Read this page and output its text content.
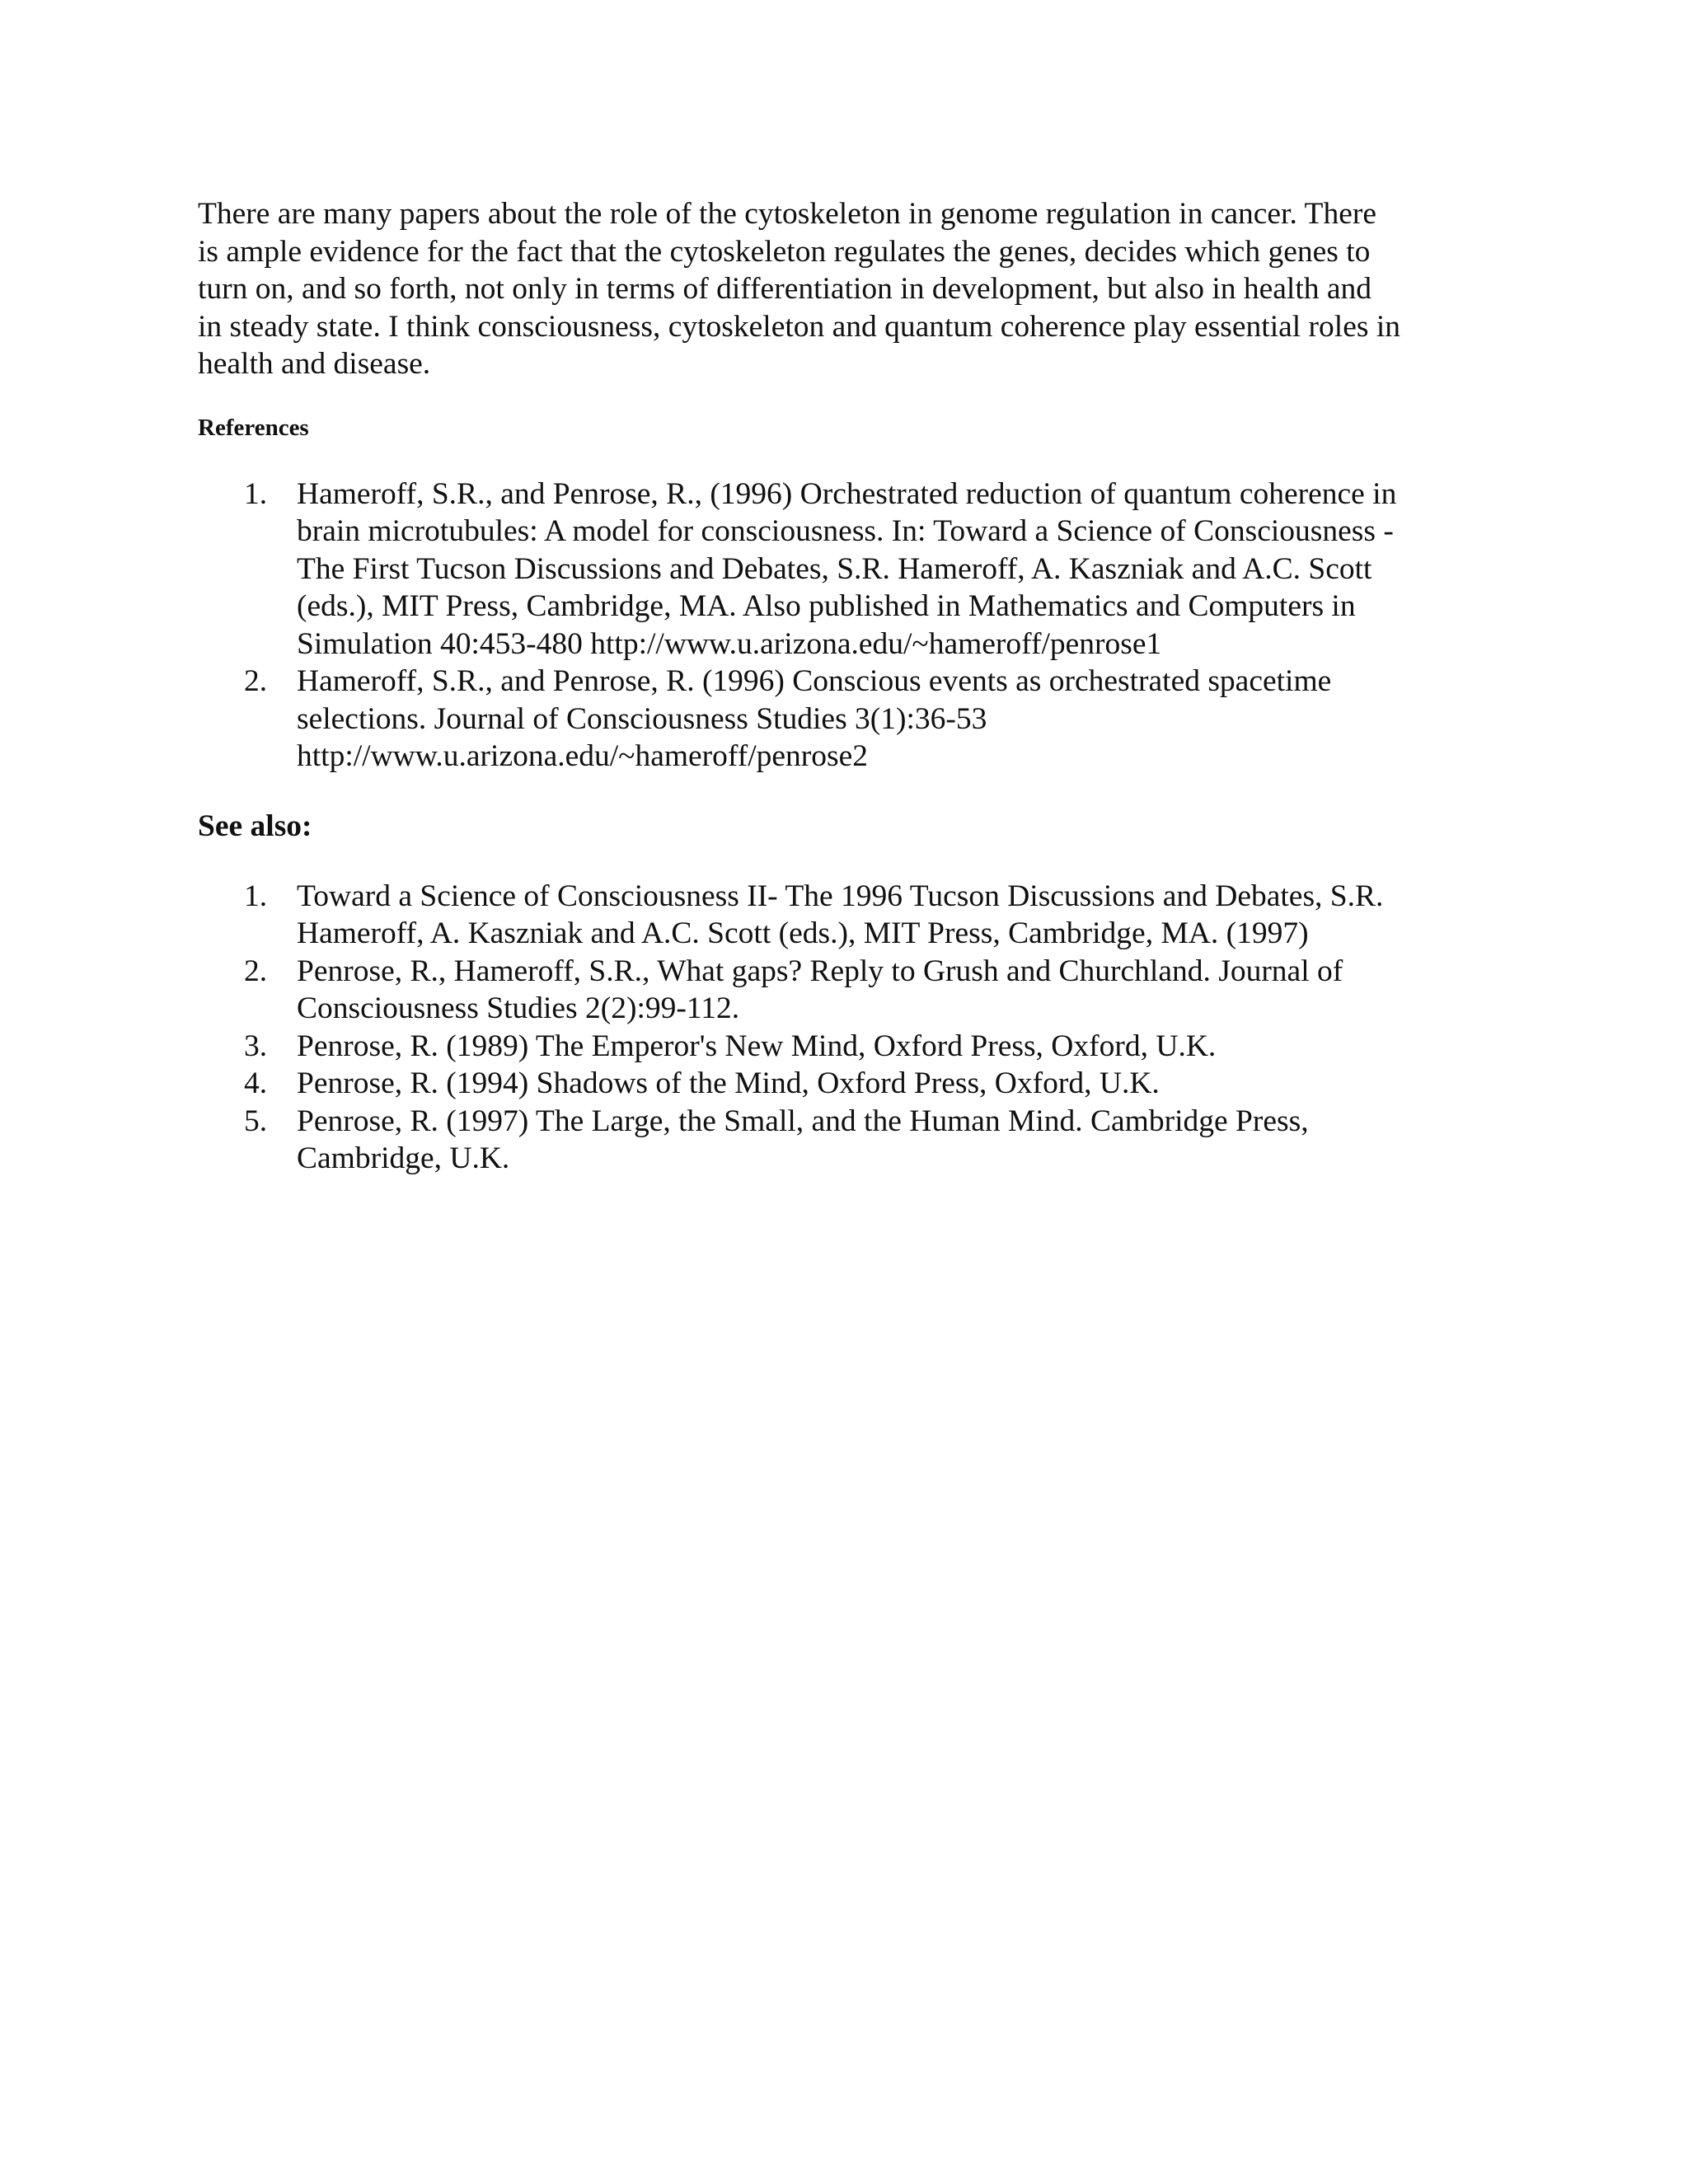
There are many papers about the role of the cytoskeleton in genome regulation in cancer. There
is ample evidence for the fact that the cytoskeleton regulates the genes, decides which genes to
turn on, and so forth, not only in terms of differentiation in development, but also in health and
in steady state. I think consciousness, cytoskeleton and quantum coherence play essential roles in
health and disease.

References
1. Hameroff, S.R., and Penrose, R., (1996) Orchestrated reduction of quantum coherence in
brain microtubules: A model for consciousness. In: Toward a Science of Consciousness -
The First Tucson Discussions and Debates, S.R. Hameroff, A. Kaszniak and A.C. Scott
(eds.), MIT Press, Cambridge, MA. Also published in Mathematics and Computers in
Simulation 40:453-480 http://www.u.arizona.edu/~hameroff/penrose1
2. Hameroff, S.R., and Penrose, R. (1996) Conscious events as orchestrated spacetime
selections. Journal of Consciousness Studies 3(1):36-53
http://www.u.arizona.edu/~hameroff/penrose2
See also:
1. Toward a Science of Consciousness II- The 1996 Tucson Discussions and Debates, S.R.
Hameroff, A. Kaszniak and A.C. Scott (eds.), MIT Press, Cambridge, MA. (1997)
2. Penrose, R., Hameroff, S.R., What gaps? Reply to Grush and Churchland. Journal of
Consciousness Studies 2(2):99-112.
3. Penrose, R. (1989) The Emperor's New Mind, Oxford Press, Oxford, U.K.
4. Penrose, R. (1994) Shadows of the Mind, Oxford Press, Oxford, U.K.
5. Penrose, R. (1997) The Large, the Small, and the Human Mind. Cambridge Press,
Cambridge, U.K.
